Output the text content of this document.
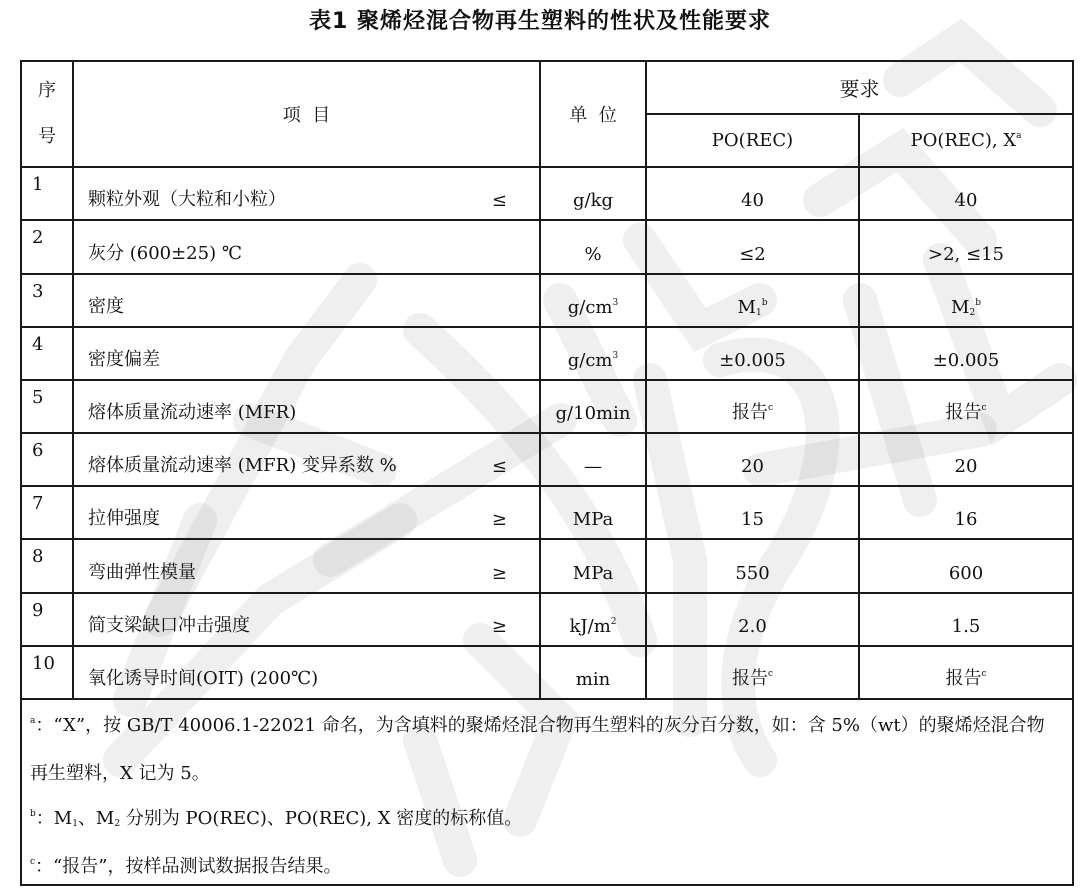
表1 聚烯烃混合物再生塑料的性状及性能要求
序号	项  目	单  位	要求	
			PO(REC)	PO(REC), $X^a$
1	颗粒外观（大粒和小粒） ≤	g/kg	40	40
2	灰分 (600±25) ℃	%	≤2	>2, ≤15
3	密度	$g/cm^3$	$M_1^b$	$M_2^b$
4	密度偏差	$g/cm^3$	±0.005	±0.005
5	熔体质量流动速率 (MFR)	g/10min	报告$^c$	报告$^c$
6	熔体质量流动速率 (MFR) 变异系数 % ≤	—	20	20
7	拉伸强度 ≥	MPa	15	16
8	弯曲弹性模量 ≥	MPa	550	600
9	简支梁缺口冲击强度 ≥	$kJ/m^2$	2.0	1.5
10	氧化诱导时间(OIT) (200℃)	min	报告$^c$	报告$^c$

$^a$：“X”，按 GB/T 40006.1-22021 命名，为含填料的聚烯烃混合物再生塑料的灰分百分数，如：含 5%（wt）的聚烯烃混合物再生塑料，X 记为 5。
$^b$：$M_1$、$M_2$ 分别为 PO(REC)、PO(REC), X 密度的标称值。
$^c$：“报告”，按样品测试数据报告结果。				
